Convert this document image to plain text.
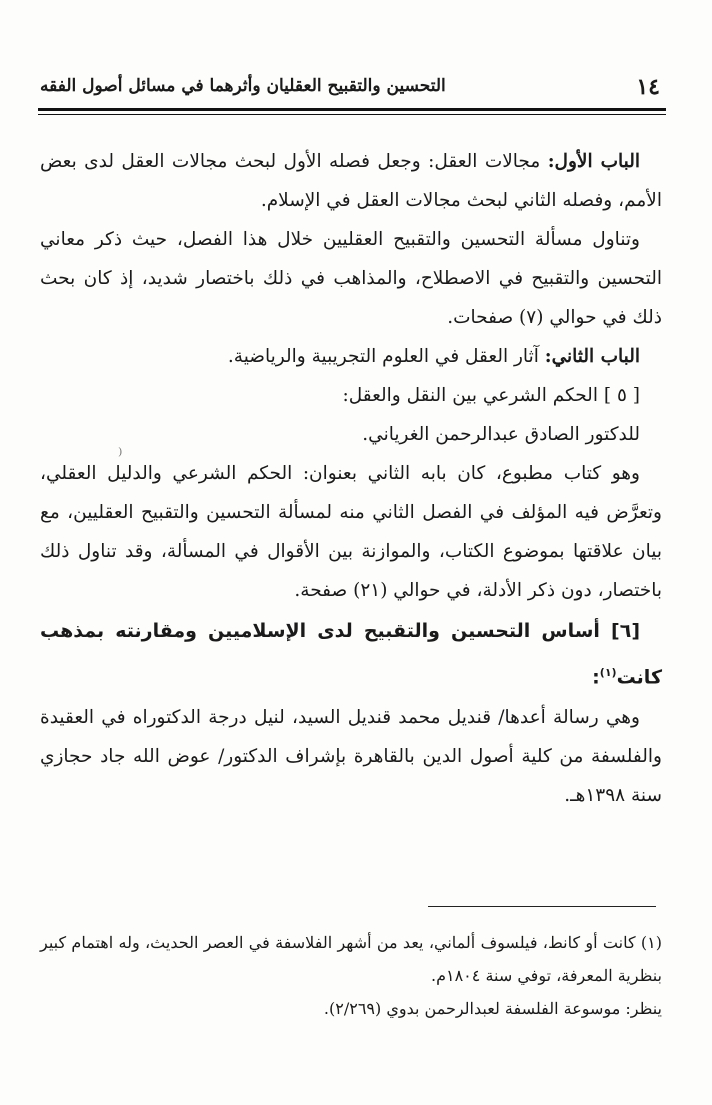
١٤
التحسين والتقبيح العقليان وأثرهما في مسائل أصول الفقه

الباب الأول: مجالات العقل: وجعل فصله الأول لبحث مجالات العقل لدى بعض الأمم، وفصله الثاني لبحث مجالات العقل في الإسلام.

وتناول مسألة التحسين والتقبيح العقليين خلال هذا الفصل، حيث ذكر معاني التحسين والتقبيح في الاصطلاح، والمذاهب في ذلك باختصار شديد، إذ كان بحث ذلك في حوالي (٧) صفحات.

الباب الثاني: آثار العقل في العلوم التجريبية والرياضية.

[ ٥ ] الحكم الشرعي بين النقل والعقل:

للدكتور الصادق عبدالرحمن الغرياني.

وهو كتاب مطبوع، كان بابه الثاني بعنوان: الحكم الشرعي والدليل العقلي، وتعرَّض فيه المؤلف في الفصل الثاني منه لمسألة التحسين والتقبيح العقليين، مع بيان علاقتها بموضوع الكتاب، والموازنة بين الأقوال في المسألة، وقد تناول ذلك باختصار، دون ذكر الأدلة، في حوالي (٢١) صفحة.

[٦] أساس التحسين والتقبيح لدى الإسلاميين ومقارنته بمذهب كانت$^{(١)}$:

وهي رسالة أعدها/ قنديل محمد قنديل السيد، لنيل درجة الدكتوراه في العقيدة والفلسفة من كلية أصول الدين بالقاهرة بإشراف الدكتور/ عوض الله جاد حجازي سنة ١٣٩٨هـ.

⁾

(١) كانت أو كانط، فيلسوف ألماني، يعد من أشهر الفلاسفة في العصر الحديث، وله اهتمام كبير بنظرية المعرفة، توفي سنة ١٨٠٤م.

ينظر: موسوعة الفلسفة لعبدالرحمن بدوي (٢/٢٦٩).
